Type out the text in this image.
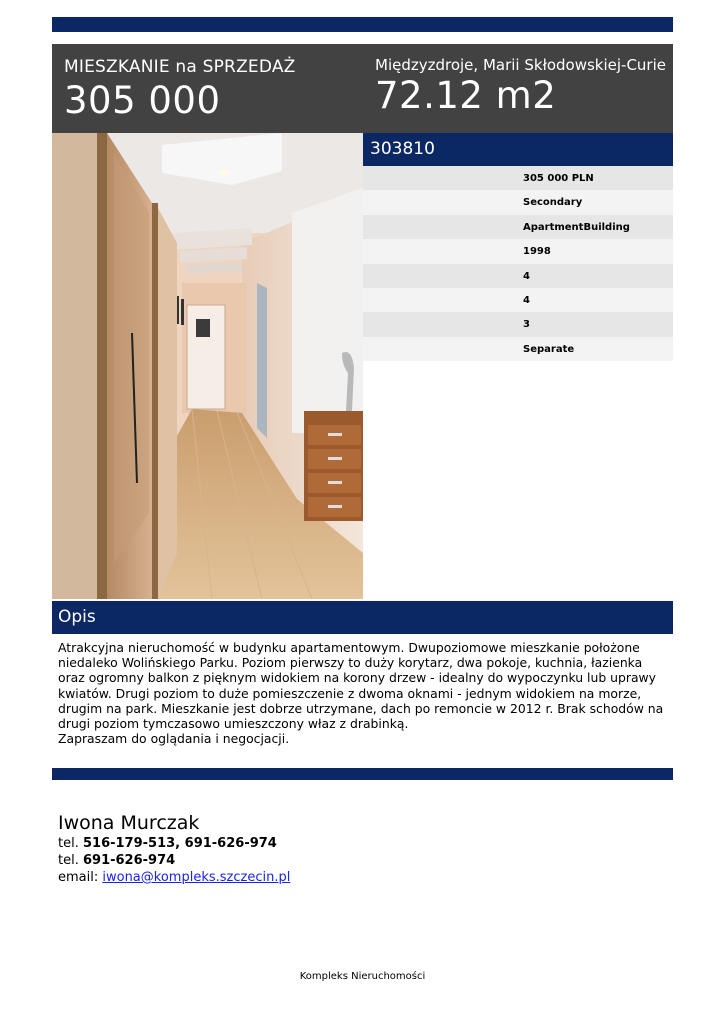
MIESZKANIE na SPRZEDAŻ
305 000
Międzyzdroje, Marii Skłodowskiej-Curie
72.12 m2
303810
305 000 PLN
Secondary
ApartmentBuilding
1998
4
4
3
Separate
Opis
Atrakcyjna nieruchomość w budynku apartamentowym. Dwupoziomowe mieszkanie położone niedaleko Wolińskiego Parku. Poziom pierwszy to duży korytarz, dwa pokoje, kuchnia, łazienka oraz ogromny balkon z pięknym widokiem na korony drzew - idealny do wypoczynku lub uprawy kwiatów. Drugi poziom to duże pomieszczenie z dwoma oknami - jednym widokiem na morze, drugim na park. Mieszkanie jest dobrze utrzymane, dach po remoncie w 2012 r. Brak schodów na drugi poziom tymczasowo umieszczony właz z drabinką.
Zapraszam do oglądania i negocjacji.
Iwona Murczak
tel. 516-179-513, 691-626-974
tel. 691-626-974
email: iwona@kompleks.szczecin.pl
Kompleks Nieruchomości
